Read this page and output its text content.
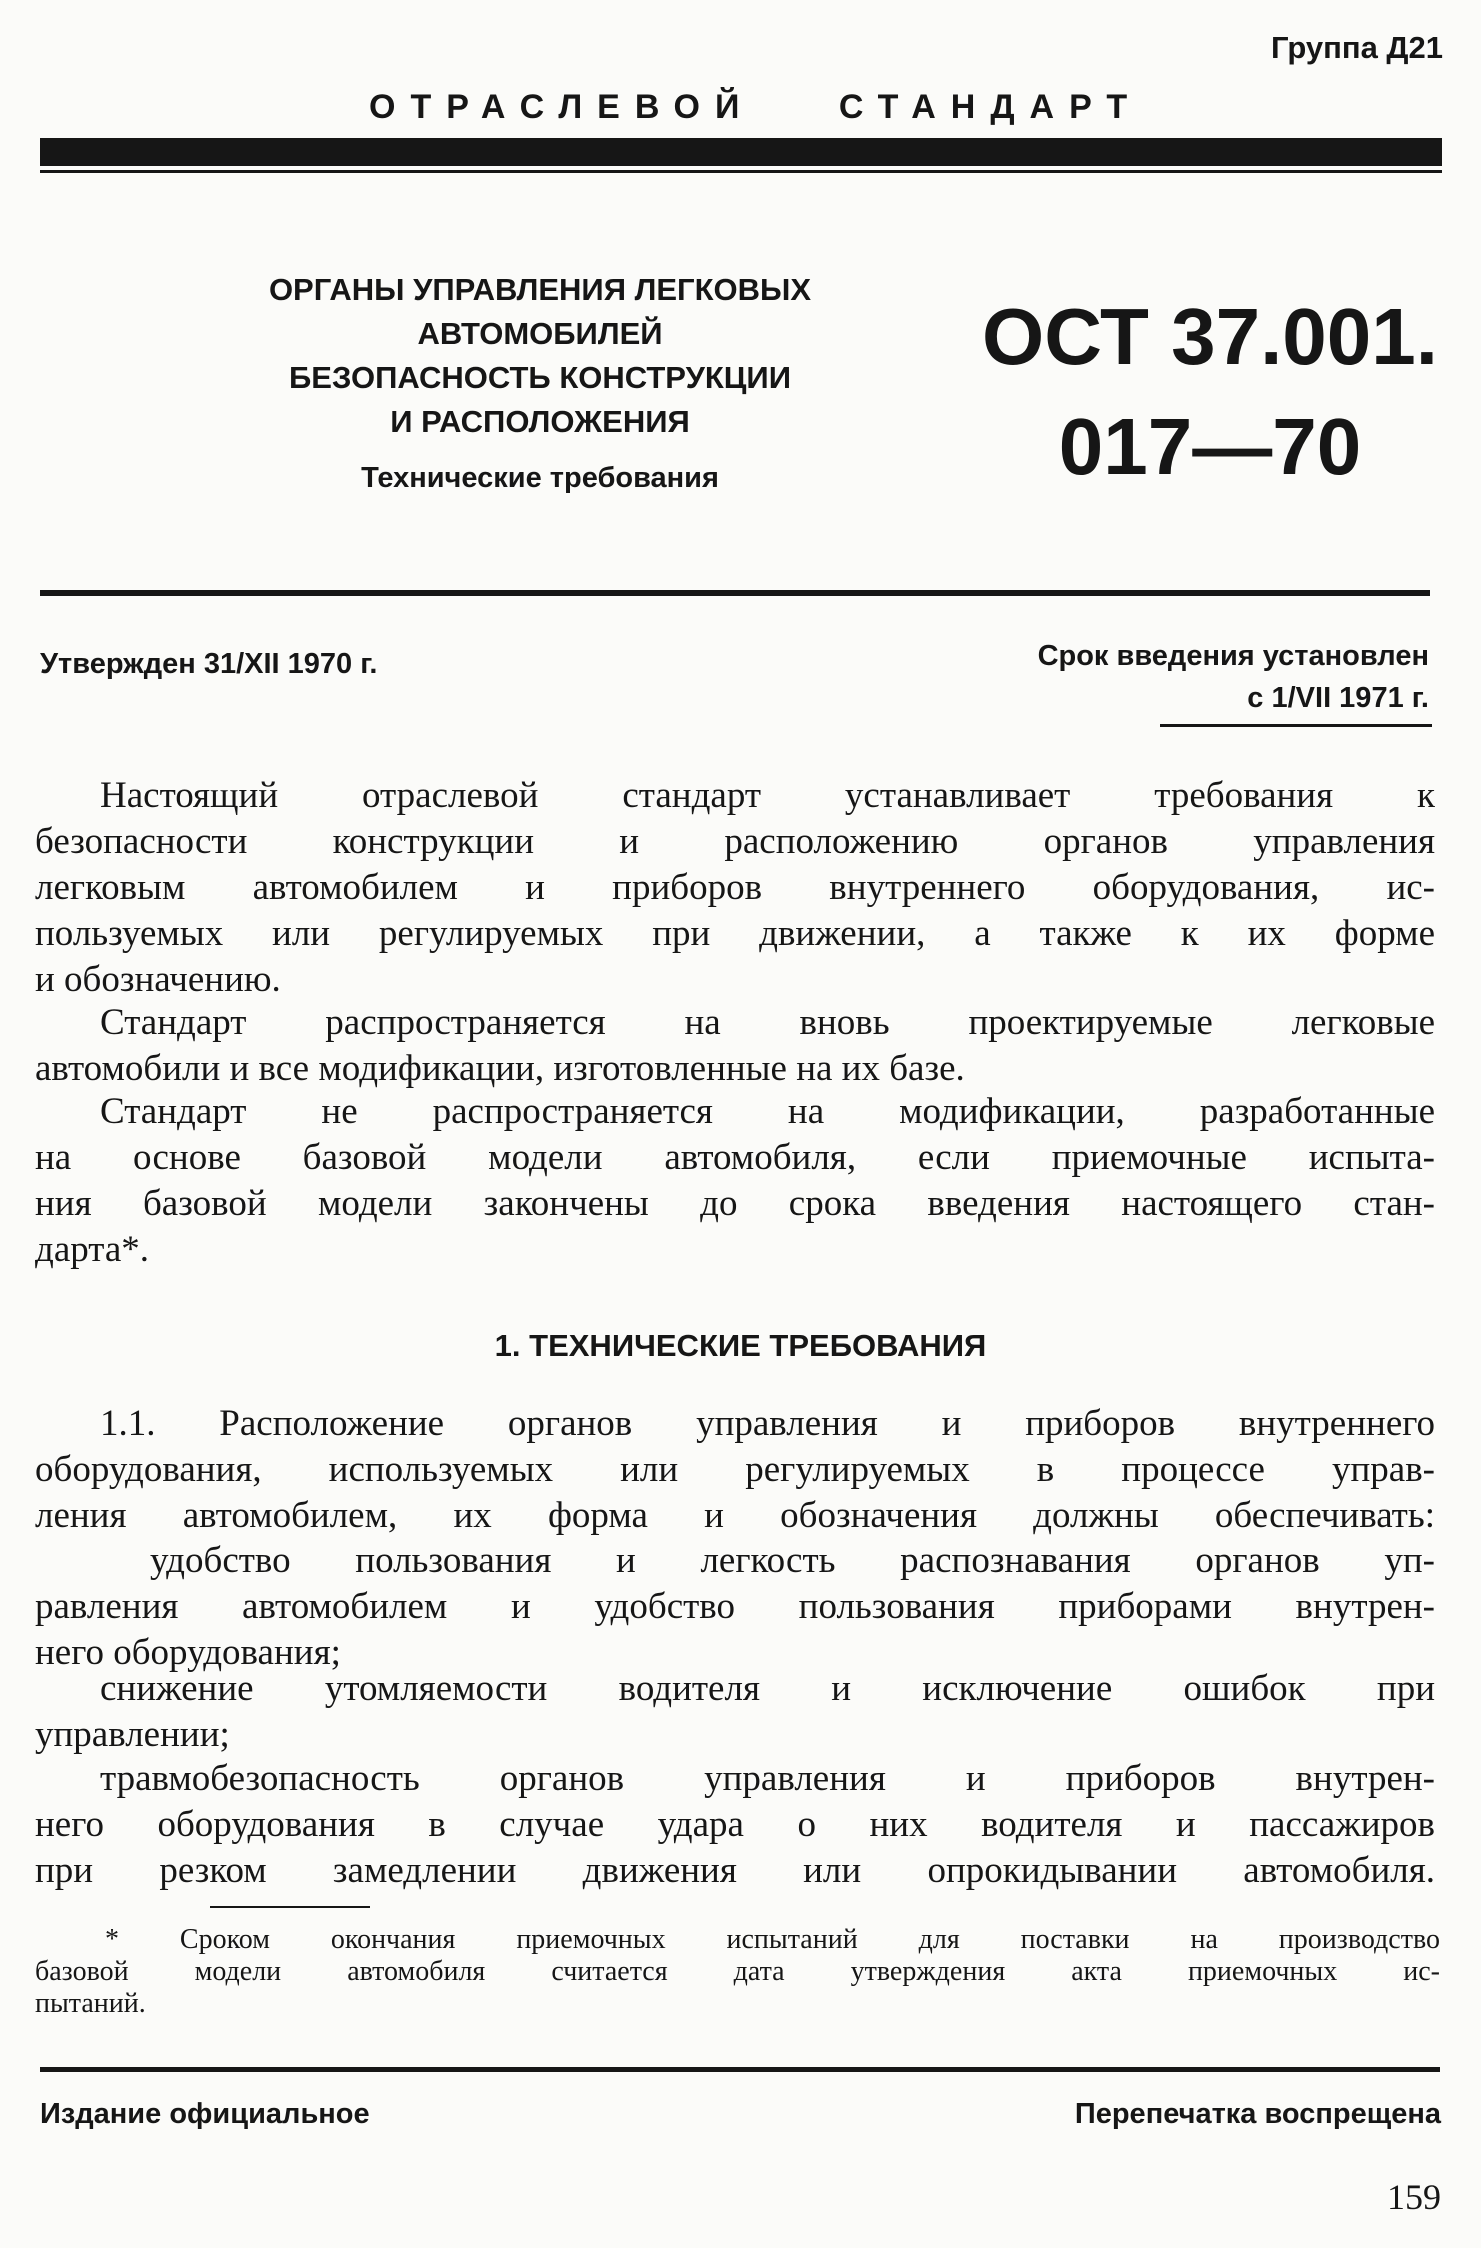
Группа Д21
ОТРАСЛЕВОЙ СТАНДАРТ
ОРГАНЫ УПРАВЛЕНИЯ ЛЕГКОВЫХ
АВТОМОБИЛЕЙ
БЕЗОПАСНОСТЬ КОНСТРУКЦИИ
И РАСПОЛОЖЕНИЯ
Технические требования
ОСТ 37.001.
017—70
Утвержден 31/XII 1970 г.	Срок введения установлен
с 1/VII 1971 г.
Настоящий отраслевой стандарт устанавливает требования к
безопасности конструкции и расположению органов управления
легковым автомобилем и приборов внутреннего оборудования, ис-
пользуемых или регулируемых при движении, а также к их форме
и обозначению.
Стандарт распространяется на вновь проектируемые легковые
автомобили и все модификации, изготовленные на их базе.
Стандарт не распространяется на модификации, разработанные
на основе базовой модели автомобиля, если приемочные испыта-
ния базовой модели закончены до срока введения настоящего стан-
дарта*.
1. ТЕХНИЧЕСКИЕ ТРЕБОВАНИЯ
1.1. Расположение органов управления и приборов внутреннего
оборудования, используемых или регулируемых в процессе управ-
ления автомобилем, их форма и обозначения должны обеспечивать:
удобство пользования и легкость распознавания органов уп-
равления автомобилем и удобство пользования приборами внутрен-
него оборудования;
снижение утомляемости водителя и исключение ошибок при
управлении;
травмобезопасность органов управления и приборов внутрен-
него оборудования в случае удара о них водителя и пассажиров
при резком замедлении движения или опрокидывании автомобиля.
* Сроком окончания приемочных испытаний для поставки на производство
базовой модели автомобиля считается дата утверждения акта приемочных ис-
пытаний.
Издание официальное	Перепечатка воспрещена
159
